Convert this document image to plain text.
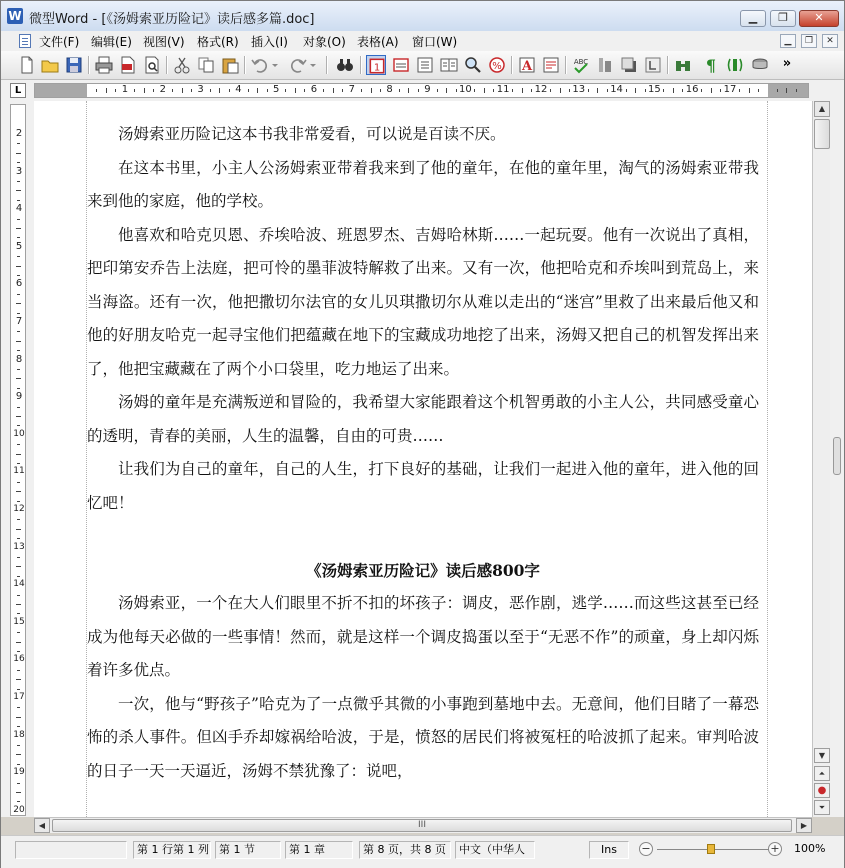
W 微型Word - [《汤姆索亚历险记》读后感多篇.doc]	▁	❐	✕
文件(F) 编辑(E) 视图(V) 格式(R) 插入(I) 对象(O) 表格(A) 窗口(W)	▁	❐	✕
1	% A	ABC	¶	»
L	1	2	3	4	5	6	7	8	9	10	11	12	13	14	15	16	17
2
3
4
5
6
7
8
9
10
11
12
13
14
15
16
17
18
19
20

汤姆索亚历险记这本书我非常爱看，可以说是百读不厌。

在这本书里，小主人公汤姆索亚带着我来到了他的童年，在他的童年里，淘气的汤姆索亚带我来到他的家庭，他的学校。

他喜欢和哈克贝恩、乔埃哈波、班恩罗杰、吉姆哈林斯……一起玩耍。他有一次说出了真相，把印第安乔告上法庭，把可怜的墨菲波特解救了出来。又有一次，他把哈克和乔埃叫到荒岛上，来当海盗。还有一次，他把撒切尔法官的女儿贝琪撒切尔从难以走出的“迷宫”里救了出来最后他又和他的好朋友哈克一起寻宝他们把蕴藏在地下的宝藏成功地挖了出来，汤姆又把自己的机智发挥出来了，他把宝藏藏在了两个小口袋里，吃力地运了出来。

汤姆的童年是充满叛逆和冒险的，我希望大家能跟着这个机智勇敢的小主人公，共同感受童心的透明，青春的美丽，人生的温馨，自由的可贵……

让我们为自己的童年，自己的人生，打下良好的基础，让我们一起进入他的童年，进入他的回忆吧！

《汤姆索亚历险记》读后感800字

汤姆索亚，一个在大人们眼里不折不扣的坏孩子：调皮，恶作剧，逃学……而这些这甚至已经成为他每天必做的一些事情！然而，就是这样一个调皮捣蛋以至于“无恶不作”的顽童，身上却闪烁着许多优点。

一次，他与“野孩子”哈克为了一点微乎其微的小事跑到墓地中去。无意间，他们目睹了一幕恐怖的杀人事件。但凶手乔却嫁祸给哈波，于是，愤怒的居民们将被冤枉的哈波抓了起来。审判哈波的日子一天一天逼近，汤姆不禁犹豫了：说吧，

▲
▼
⏶
●
⏷
◀	III	▶
第 1 行第 1 列 第 1 节	第 1 章	第 8 页，共 8 页	中文（中华人	Ins	−	+ 100%
